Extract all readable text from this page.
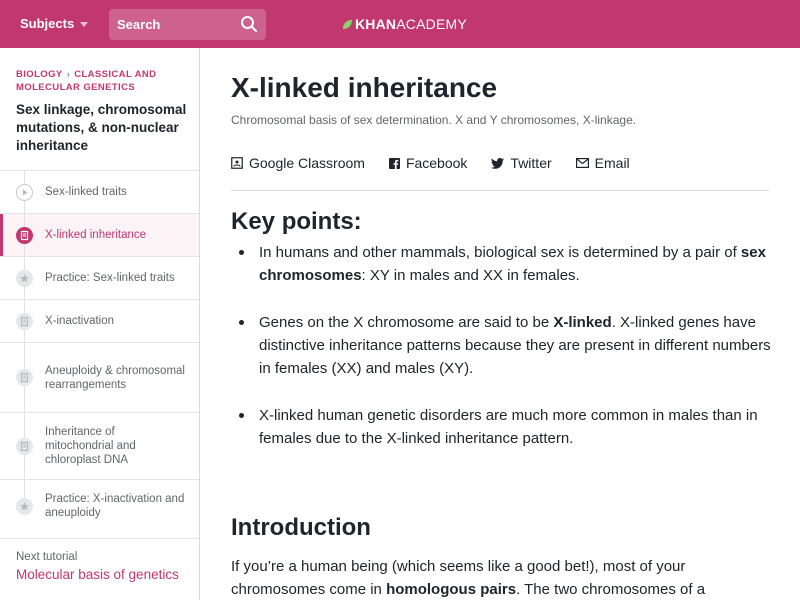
Subjects
Search	KHAN ACADEMY
BIOLOGY › CLASSICAL AND MOLECULAR GENETICS
Sex linkage, chromosomal mutations, & non-nuclear inheritance
Sex-linked traits
X-linked inheritance
Practice: Sex-linked traits
X-inactivation
Aneuploidy & chromosomal rearrangements
Inheritance of mitochondrial and chloroplast DNA
Practice: X-inactivation and aneuploidy
Next tutorial
Molecular basis of genetics
X-linked inheritance
Chromosomal basis of sex determination. X and Y chromosomes, X-linkage.
Google Classroom	Facebook	Twitter	Email
Key points:
In humans and other mammals, biological sex is determined by a pair of sex chromosomes: XY in males and XX in females.
Genes on the X chromosome are said to be X-linked. X-linked genes have distinctive inheritance patterns because they are present in different numbers in females (XX) and males (XY).
X-linked human genetic disorders are much more common in males than in females due to the X-linked inheritance pattern.
Introduction

If you’re a human being (which seems like a good bet!), most of your chromosomes come in homologous pairs. The two chromosomes of a
